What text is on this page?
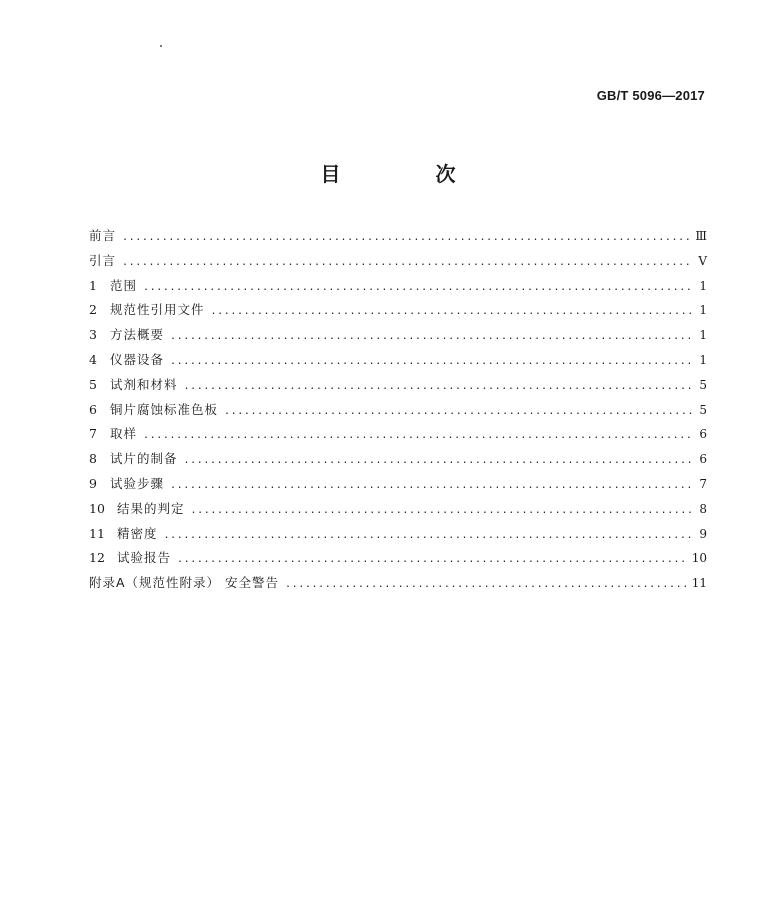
GB/T 5096—2017
目 次
前言 .....	Ⅲ
引言 .....	Ⅴ
1	范围 .....	1
2	规范性引用文件 .....	1
3	方法概要 .....	1
4	仪器设备 .....	1
5	试剂和材料 .....	5
6	铜片腐蚀标准色板 .....	5
7	取样 .....	6
8	试片的制备 .....	6
9	试验步骤 .....	7
10 结果的判定 .....	8
11 精密度 .....	9
12 试验报告 .....	10
附录A（规范性附录） 安全警告 .....	11
